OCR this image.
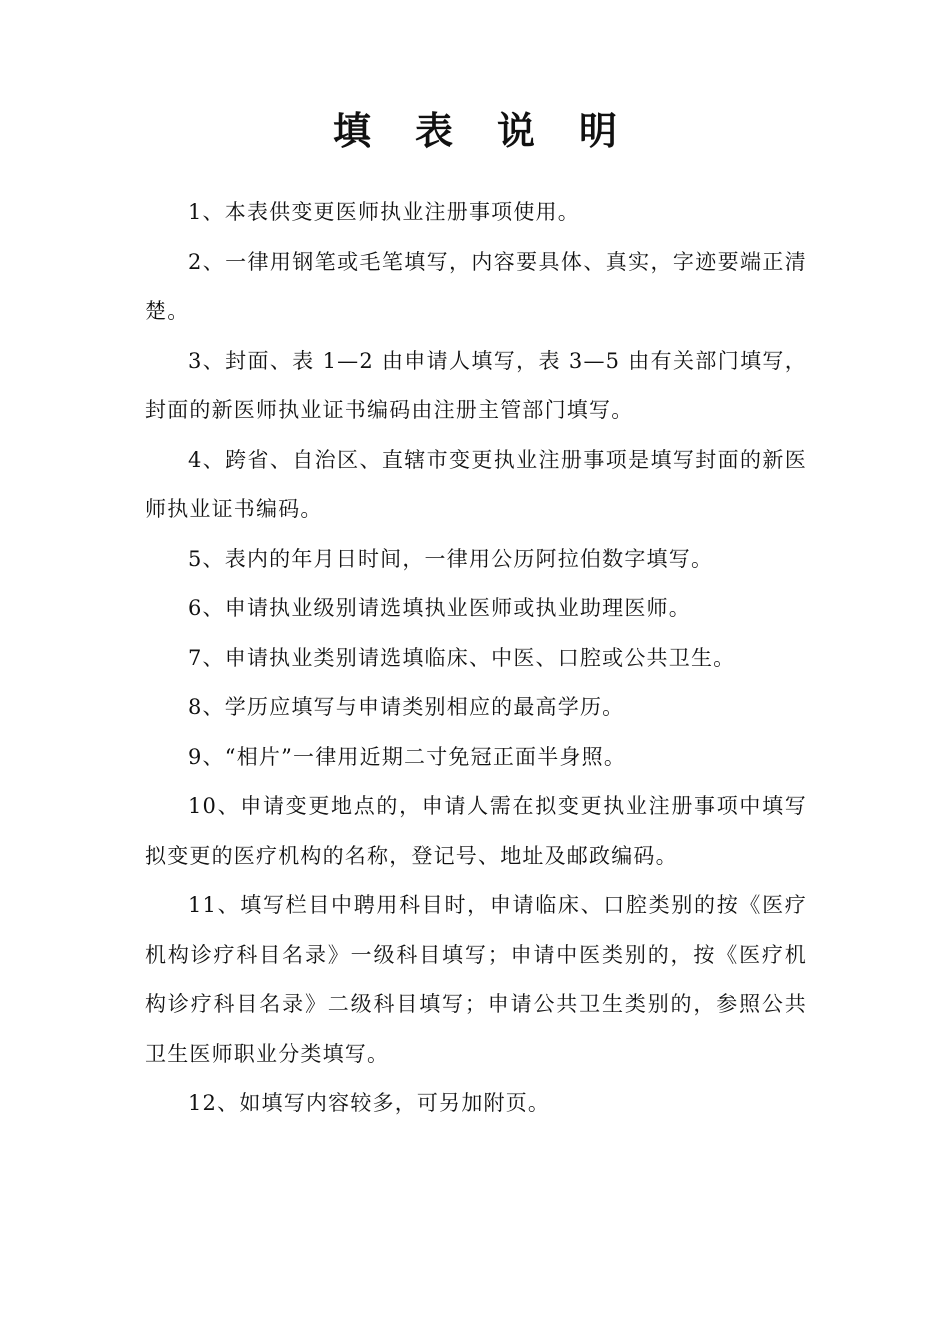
填表说明

1、本表供变更医师执业注册事项使用。

2、一律用钢笔或毛笔填写，内容要具体、真实，字迹要端正清楚。

3、封面、表 1—2 由申请人填写，表 3—5 由有关部门填写，封面的新医师执业证书编码由注册主管部门填写。

4、跨省、自治区、直辖市变更执业注册事项是填写封面的新医师执业证书编码。

5、表内的年月日时间，一律用公历阿拉伯数字填写。

6、申请执业级别请选填执业医师或执业助理医师。

7、申请执业类别请选填临床、中医、口腔或公共卫生。

8、学历应填写与申请类别相应的最高学历。

9、“相片”一律用近期二寸免冠正面半身照。

10、申请变更地点的，申请人需在拟变更执业注册事项中填写拟变更的医疗机构的名称，登记号、地址及邮政编码。

11、填写栏目中聘用科目时，申请临床、口腔类别的按《医疗机构诊疗科目名录》一级科目填写；申请中医类别的，按《医疗机构诊疗科目名录》二级科目填写；申请公共卫生类别的，参照公共卫生医师职业分类填写。

12、如填写内容较多，可另加附页。
